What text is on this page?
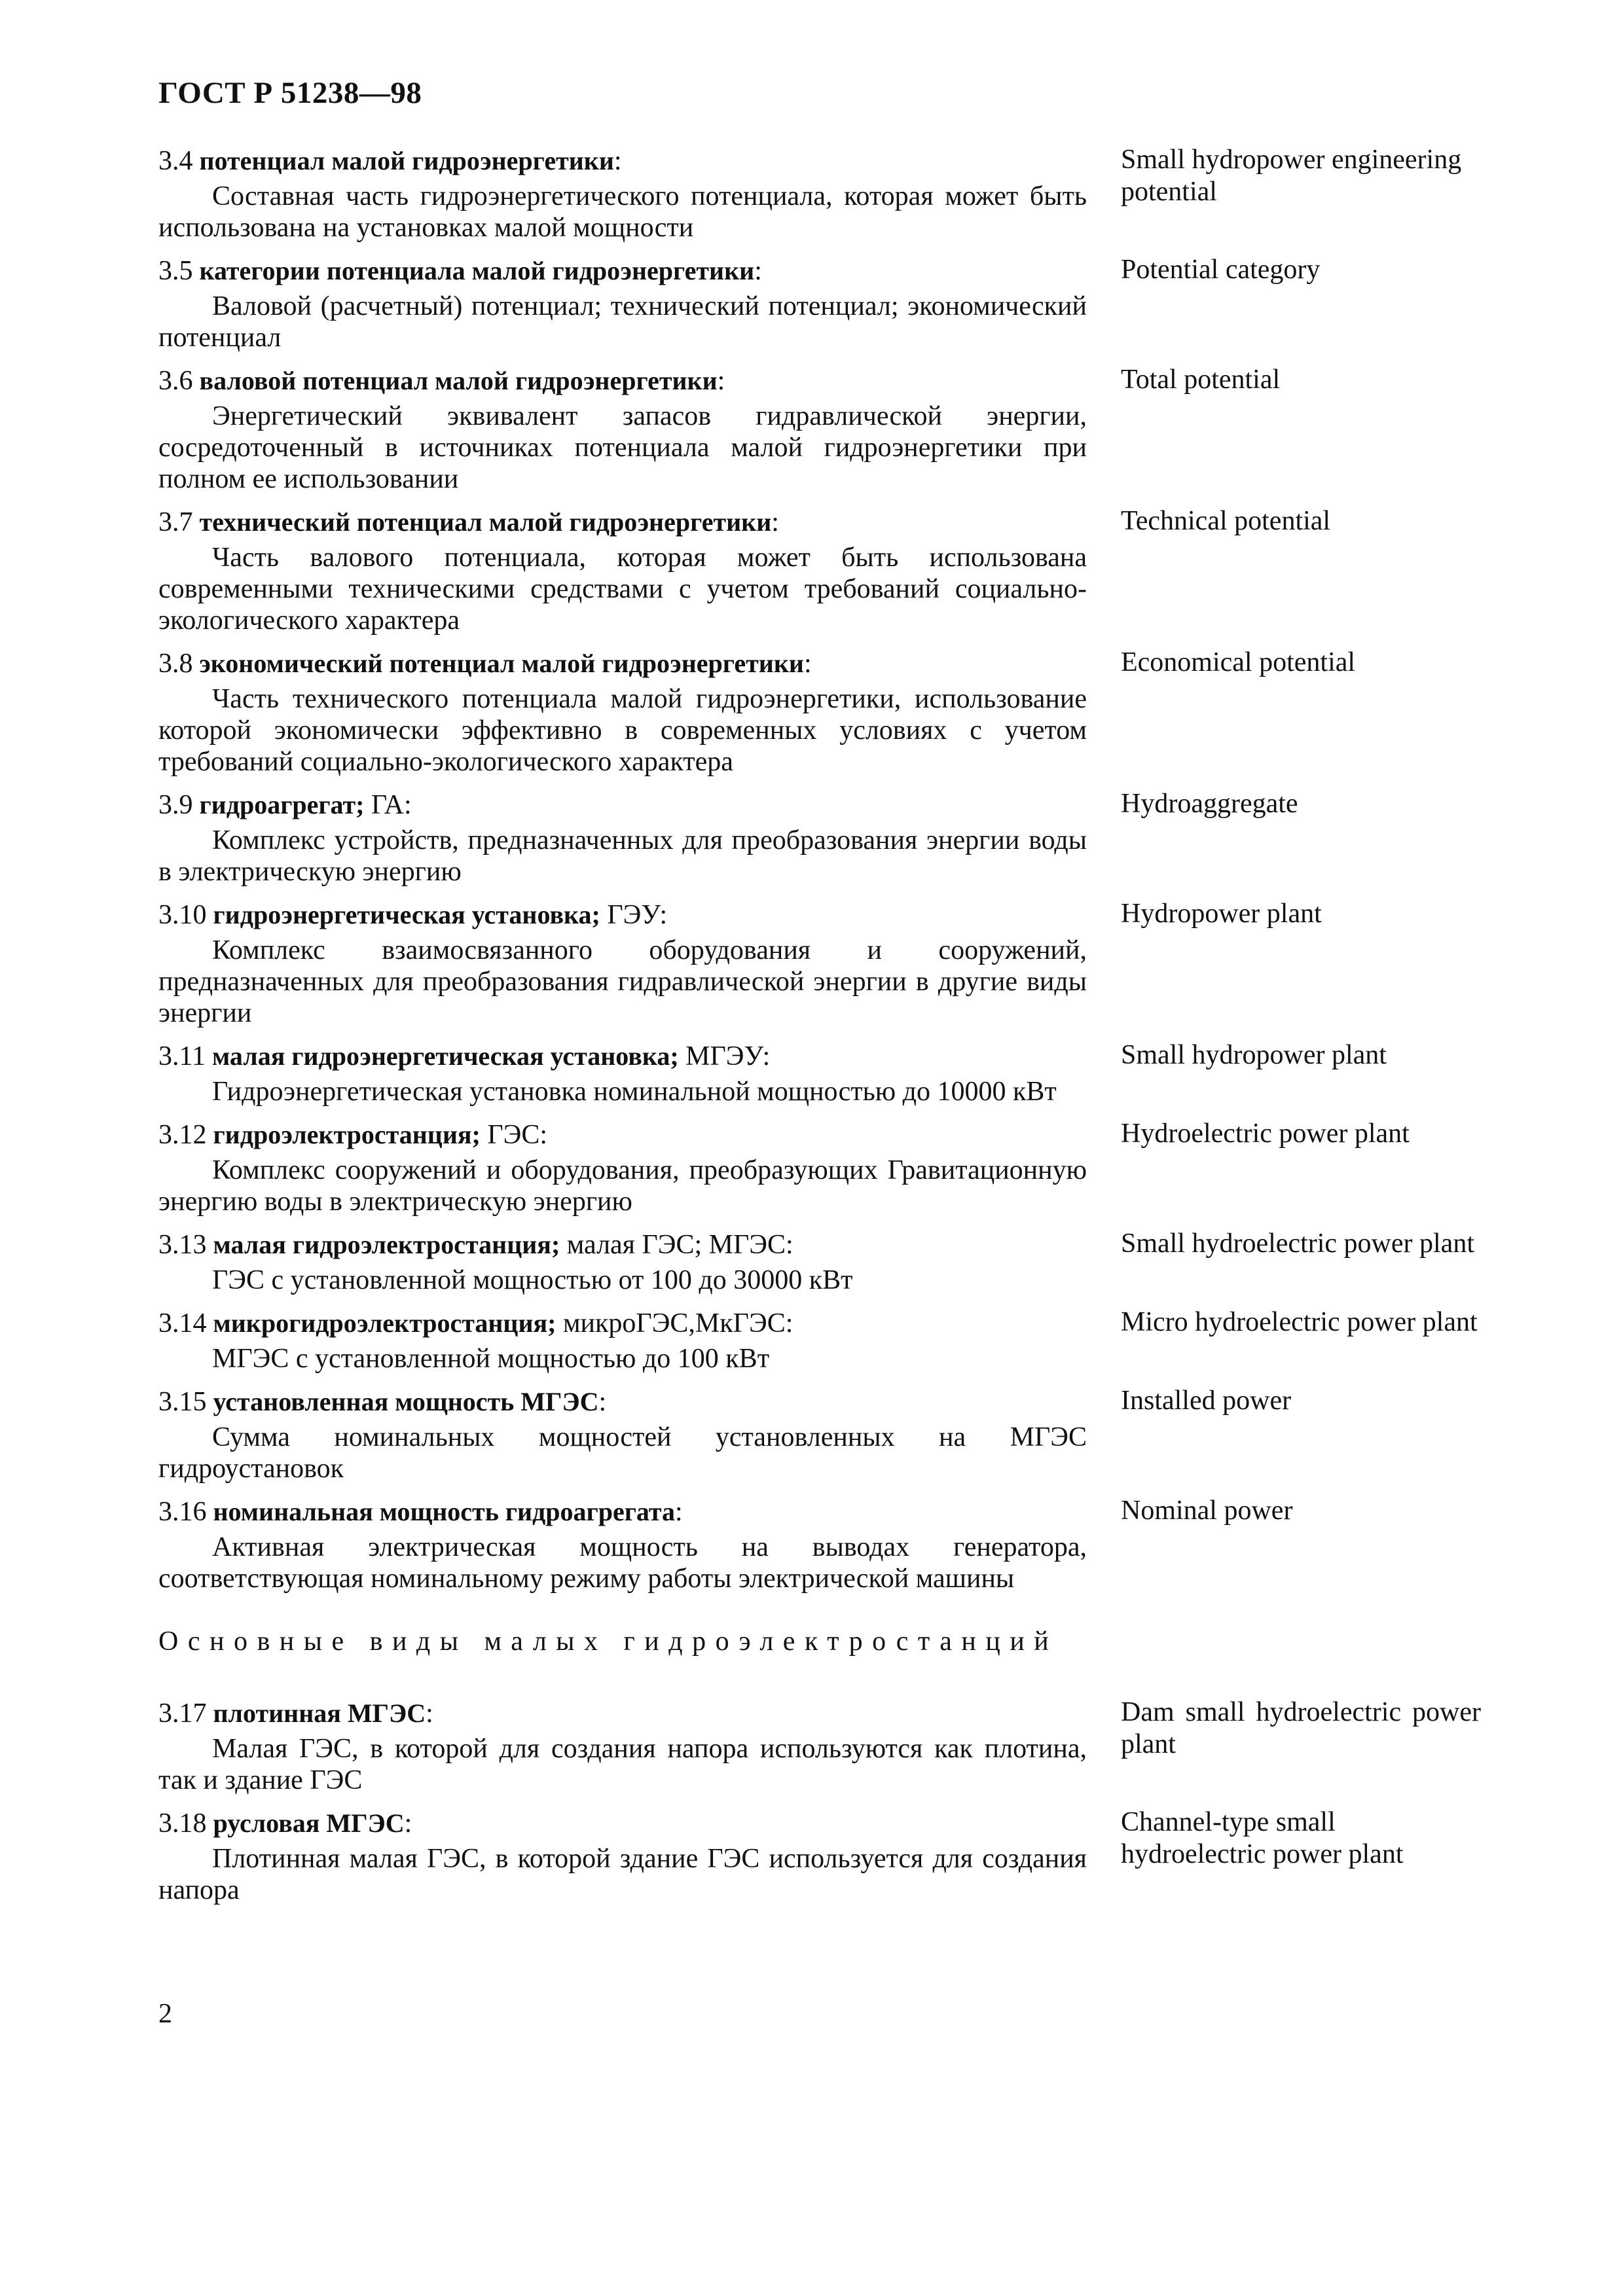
ГОСТ Р 51238—98
3.4 потенциал малой гидроэнергетики:
Составная часть гидроэнергетического потенциала, которая может быть использована на установках малой мощности
Small hydropower engineering potential
3.5 категории потенциала малой гидроэнергетики:
Валовой (расчетный) потенциал; технический потенциал; экономический потенциал
Potential category
3.6 валовой потенциал малой гидроэнергетики:
Энергетический эквивалент запасов гидравлической энергии, сосредоточенный в источниках потенциала малой гидроэнергетики при полном ее использовании
Total potential
3.7 технический потенциал малой гидроэнергетики:
Часть валового потенциала, которая может быть использована современными техническими средствами с учетом требований социально-экологического характера
Technical potential
3.8 экономический потенциал малой гидроэнергетики:
Часть технического потенциала малой гидроэнергетики, использование которой экономически эффективно в современных условиях с учетом требований социально-экологического характера
Economical potential
3.9 гидроагрегат; ГА:
Комплекс устройств, предназначенных для преобразования энергии воды в электрическую энергию
Hydroaggregate
3.10 гидроэнергетическая установка; ГЭУ:
Комплекс взаимосвязанного оборудования и сооружений, предназначенных для преобразования гидравлической энергии в другие виды энергии
Hydropower plant
3.11 малая гидроэнергетическая установка; МГЭУ:
Гидроэнергетическая установка номинальной мощностью до 10000 кВт
Small hydropower plant
3.12 гидроэлектростанция; ГЭС:
Комплекс сооружений и оборудования, преобразующих Гравитационную энергию воды в электрическую энергию
Hydroelectric power plant
3.13 малая гидроэлектростанция; малая ГЭС; МГЭС:
ГЭС с установленной мощностью от 100 до 30000 кВт
Small hydroelectric power plant
3.14 микрогидроэлектростанция; микроГЭС,МкГЭС:
МГЭС с установленной мощностью до 100 кВт
Micro hydroelectric power plant
3.15 установленная мощность МГЭС:
Сумма номинальных мощностей установленных на МГЭС гидроустановок
Installed power
3.16 номинальная мощность гидроагрегата:
Активная электрическая мощность на выводах генератора, соответствующая номинальному режиму работы электрической машины
Nominal power
Основные виды малых гидроэлектростанций
3.17 плотинная МГЭС:
Малая ГЭС, в которой для создания напора используются как плотина, так и здание ГЭС
Dam small hydroelectric power plant
3.18 русловая МГЭС:
Плотинная малая ГЭС, в которой здание ГЭС используется для создания напора
Channel-type small hydroelectric power plant
2
